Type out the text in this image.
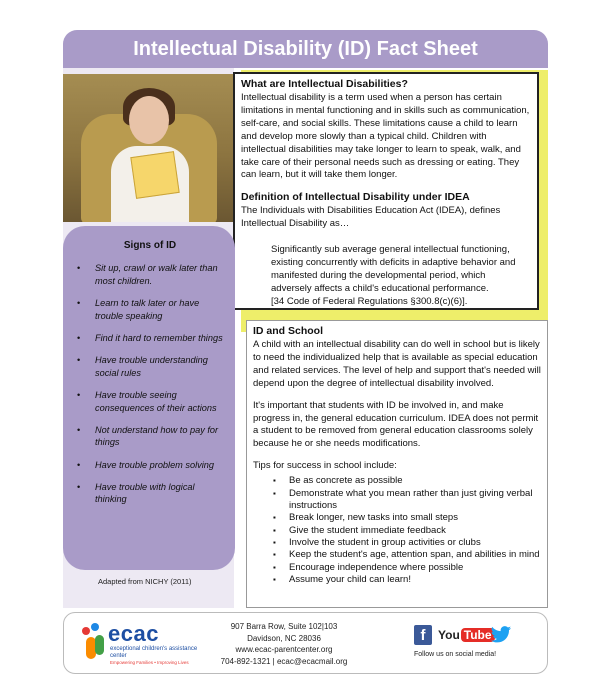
Intellectual Disability (ID) Fact Sheet
What are Intellectual Disabilities?

Intellectual disability is a term used when a person has certain limitations in mental functioning and in skills such as communication, self-care, and social skills. These limitations cause a child to learn and develop more slowly than a typical child. Children with intellectual disabilities may take longer to learn to speak, walk, and take care of their personal needs such as dressing or eating. They can learn, but it will take them longer.

Definition of Intellectual Disability under IDEA

The Individuals with Disabilities Education Act (IDEA), defines Intellectual Disability as…

Significantly sub average general intellectual functioning, existing concurrently with deficits in adaptive behavior and manifested during the developmental period, which adversely affects a child's educational performance.

[34 Code of Federal Regulations §300.8(c)(6)].

Signs of ID
• Sit up, crawl or walk later than most children.
• Learn to talk later or have trouble speaking
• Find it hard to remember things
• Have trouble understanding social rules
• Have trouble seeing consequences of their actions
• Not understand how to pay for things
• Have trouble problem solving
• Have trouble with logical thinking
Adapted from NICHY (2011)
ID and School

A child with an intellectual disability can do well in school but is likely to need the individualized help that is available as special education and related services. The level of help and support that's needed will depend upon the degree of intellectual disability involved.

It's important that students with ID be involved in, and make progress in, the general education curriculum. IDEA does not permit a student to be removed from general education classrooms solely because he or she needs modifications.

Tips for success in school include:

▪ Be as concrete as possible
▪ Demonstrate what you mean rather than just giving verbal instructions
▪ Break longer, new tasks into small steps
▪ Give the student immediate feedback
▪ Involve the student in group activities or clubs
▪ Keep the student's age, attention span, and abilities in mind
▪ Encourage independence where possible
▪ Assume your child can learn!
ecac
exceptional children's assistance center
Empowering Families • Improving Lives
907 Barra Row, Suite 102|103
Davidson, NC 28036
www.ecac-parentcenter.org
704-892-1321 | ecac@ecacmail.org
f	You Tube
Follow us on social media!
